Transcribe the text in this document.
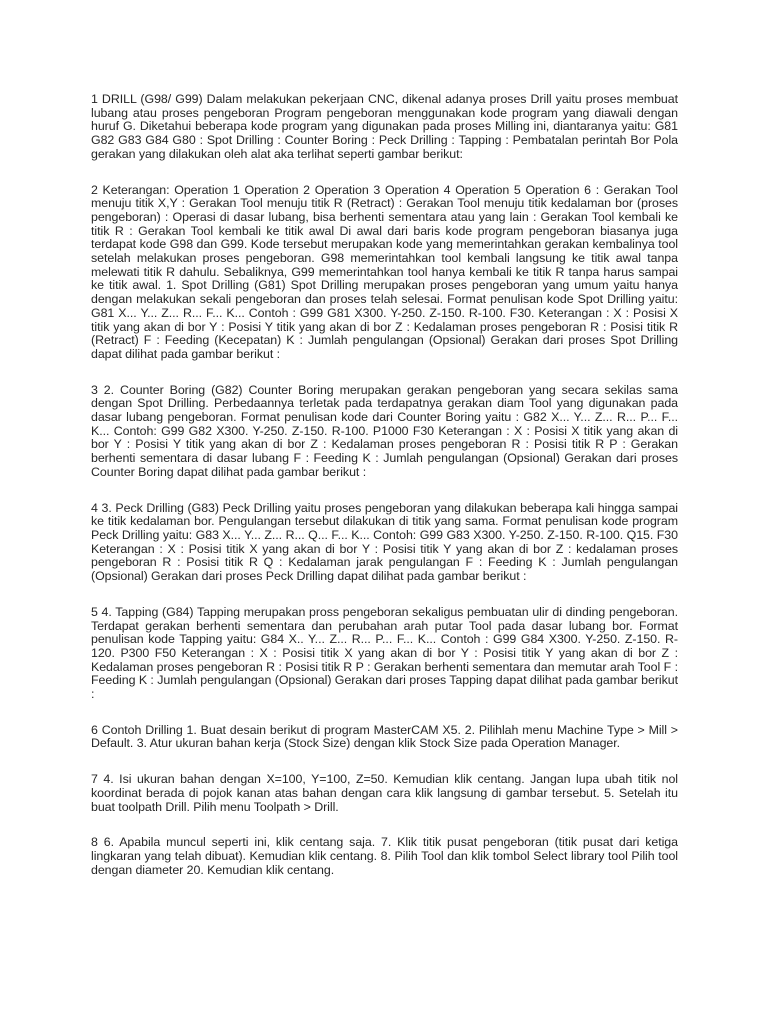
1 DRILL (G98/ G99) Dalam melakukan pekerjaan CNC, dikenal adanya proses Drill yaitu proses membuat lubang atau proses pengeboran Program pengeboran menggunakan kode program yang diawali dengan huruf G. Diketahui beberapa kode program yang digunakan pada proses Milling ini, diantaranya yaitu: G81 G82 G83 G84 G80 : Spot Drilling : Counter Boring : Peck Drilling : Tapping : Pembatalan perintah Bor Pola gerakan yang dilakukan oleh alat aka terlihat seperti gambar berikut:

2 Keterangan: Operation 1 Operation 2 Operation 3 Operation 4 Operation 5 Operation 6 : Gerakan Tool menuju titik X,Y : Gerakan Tool menuju titik R (Retract) : Gerakan Tool menuju titik kedalaman bor (proses pengeboran) : Operasi di dasar lubang, bisa berhenti sementara atau yang lain : Gerakan Tool kembali ke titik R : Gerakan Tool kembali ke titik awal Di awal dari baris kode program pengeboran biasanya juga terdapat kode G98 dan G99. Kode tersebut merupakan kode yang memerintahkan gerakan kembalinya tool setelah melakukan proses pengeboran. G98 memerintahkan tool kembali langsung ke titik awal tanpa melewati titik R dahulu. Sebaliknya, G99 memerintahkan tool hanya kembali ke titik R tanpa harus sampai ke titik awal. 1. Spot Drilling (G81) Spot Drilling merupakan proses pengeboran yang umum yaitu hanya dengan melakukan sekali pengeboran dan proses telah selesai. Format penulisan kode Spot Drilling yaitu: G81 X... Y... Z... R... F... K... Contoh : G99 G81 X300. Y-250. Z-150. R-100. F30. Keterangan : X : Posisi X titik yang akan di bor Y : Posisi Y titik yang akan di bor Z : Kedalaman proses pengeboran R : Posisi titik R (Retract) F : Feeding (Kecepatan) K : Jumlah pengulangan (Opsional) Gerakan dari proses Spot Drilling dapat dilihat pada gambar berikut :

3 2. Counter Boring (G82) Counter Boring merupakan gerakan pengeboran yang secara sekilas sama dengan Spot Drilling. Perbedaannya terletak pada terdapatnya gerakan diam Tool yang digunakan pada dasar lubang pengeboran. Format penulisan kode dari Counter Boring yaitu : G82 X... Y... Z... R... P... F... K... Contoh: G99 G82 X300. Y-250. Z-150. R-100. P1000 F30 Keterangan : X : Posisi X titik yang akan di bor Y : Posisi Y titik yang akan di bor Z : Kedalaman proses pengeboran R : Posisi titik R P : Gerakan berhenti sementara di dasar lubang F : Feeding K : Jumlah pengulangan (Opsional) Gerakan dari proses Counter Boring dapat dilihat pada gambar berikut :

4 3. Peck Drilling (G83) Peck Drilling yaitu proses pengeboran yang dilakukan beberapa kali hingga sampai ke titik kedalaman bor. Pengulangan tersebut dilakukan di titik yang sama. Format penulisan kode program Peck Drilling yaitu: G83 X... Y... Z... R... Q... F... K... Contoh: G99 G83 X300. Y-250. Z-150. R-100. Q15. F30 Keterangan : X : Posisi titik X yang akan di bor Y : Posisi titik Y yang akan di bor Z : kedalaman proses pengeboran R : Posisi titik R Q : Kedalaman jarak pengulangan F : Feeding K : Jumlah pengulangan (Opsional) Gerakan dari proses Peck Drilling dapat dilihat pada gambar berikut :

5 4. Tapping (G84) Tapping merupakan pross pengeboran sekaligus pembuatan ulir di dinding pengeboran. Terdapat gerakan berhenti sementara dan perubahan arah putar Tool pada dasar lubang bor. Format penulisan kode Tapping yaitu: G84 X.. Y... Z... R... P... F... K... Contoh : G99 G84 X300. Y-250. Z-150. R-120. P300 F50 Keterangan : X : Posisi titik X yang akan di bor Y : Posisi titik Y yang akan di bor Z : Kedalaman proses pengeboran R : Posisi titik R P : Gerakan berhenti sementara dan memutar arah Tool F : Feeding K : Jumlah pengulangan (Opsional) Gerakan dari proses Tapping dapat dilihat pada gambar berikut :

6 Contoh Drilling 1. Buat desain berikut di program MasterCAM X5. 2. Pilihlah menu Machine Type > Mill > Default. 3. Atur ukuran bahan kerja (Stock Size) dengan klik Stock Size pada Operation Manager.

7 4. Isi ukuran bahan dengan X=100, Y=100, Z=50. Kemudian klik centang. Jangan lupa ubah titik nol koordinat berada di pojok kanan atas bahan dengan cara klik langsung di gambar tersebut. 5. Setelah itu buat toolpath Drill. Pilih menu Toolpath > Drill.

8 6. Apabila muncul seperti ini, klik centang saja. 7. Klik titik pusat pengeboran (titik pusat dari ketiga lingkaran yang telah dibuat). Kemudian klik centang. 8. Pilih Tool dan klik tombol Select library tool Pilih tool dengan diameter 20. Kemudian klik centang.
